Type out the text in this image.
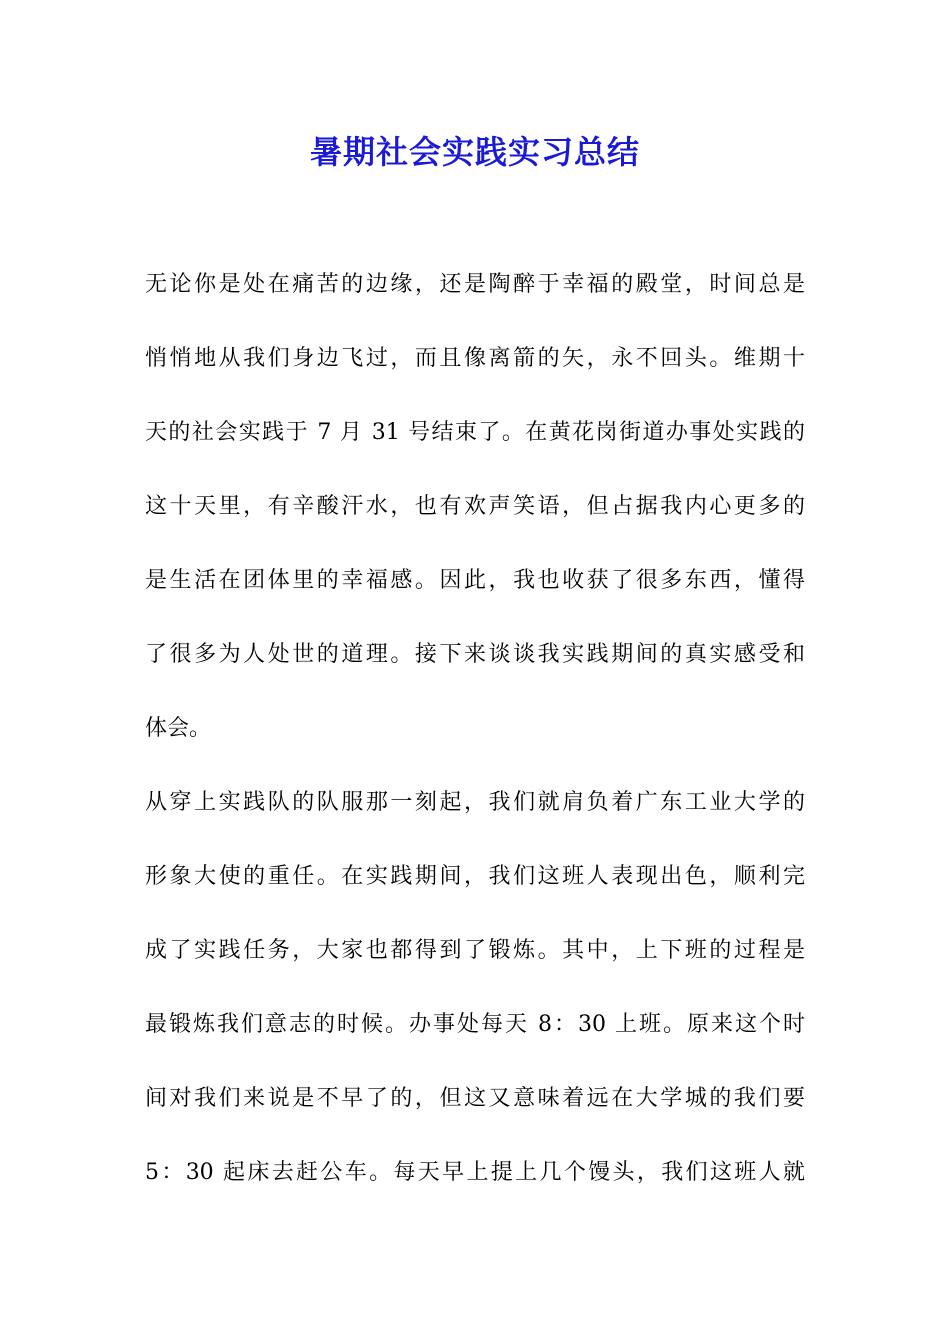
暑期社会实践实习总结
无论你是处在痛苦的边缘，还是陶醉于幸福的殿堂，时间总是
悄悄地从我们身边飞过，而且像离箭的矢，永不回头。维期十
天的社会实践于 7 月 31 号结束了。在黄花岗街道办事处实践的
这十天里，有辛酸汗水，也有欢声笑语，但占据我内心更多的
是生活在团体里的幸福感。因此，我也收获了很多东西，懂得
了很多为人处世的道理。接下来谈谈我实践期间的真实感受和
体会。
从穿上实践队的队服那一刻起，我们就肩负着广东工业大学的
形象大使的重任。在实践期间，我们这班人表现出色，顺利完
成了实践任务，大家也都得到了锻炼。其中，上下班的过程是
最锻炼我们意志的时候。办事处每天 8：30 上班。原来这个时
间对我们来说是不早了的，但这又意味着远在大学城的我们要
5：30 起床去赶公车。每天早上提上几个馒头，我们这班人就
